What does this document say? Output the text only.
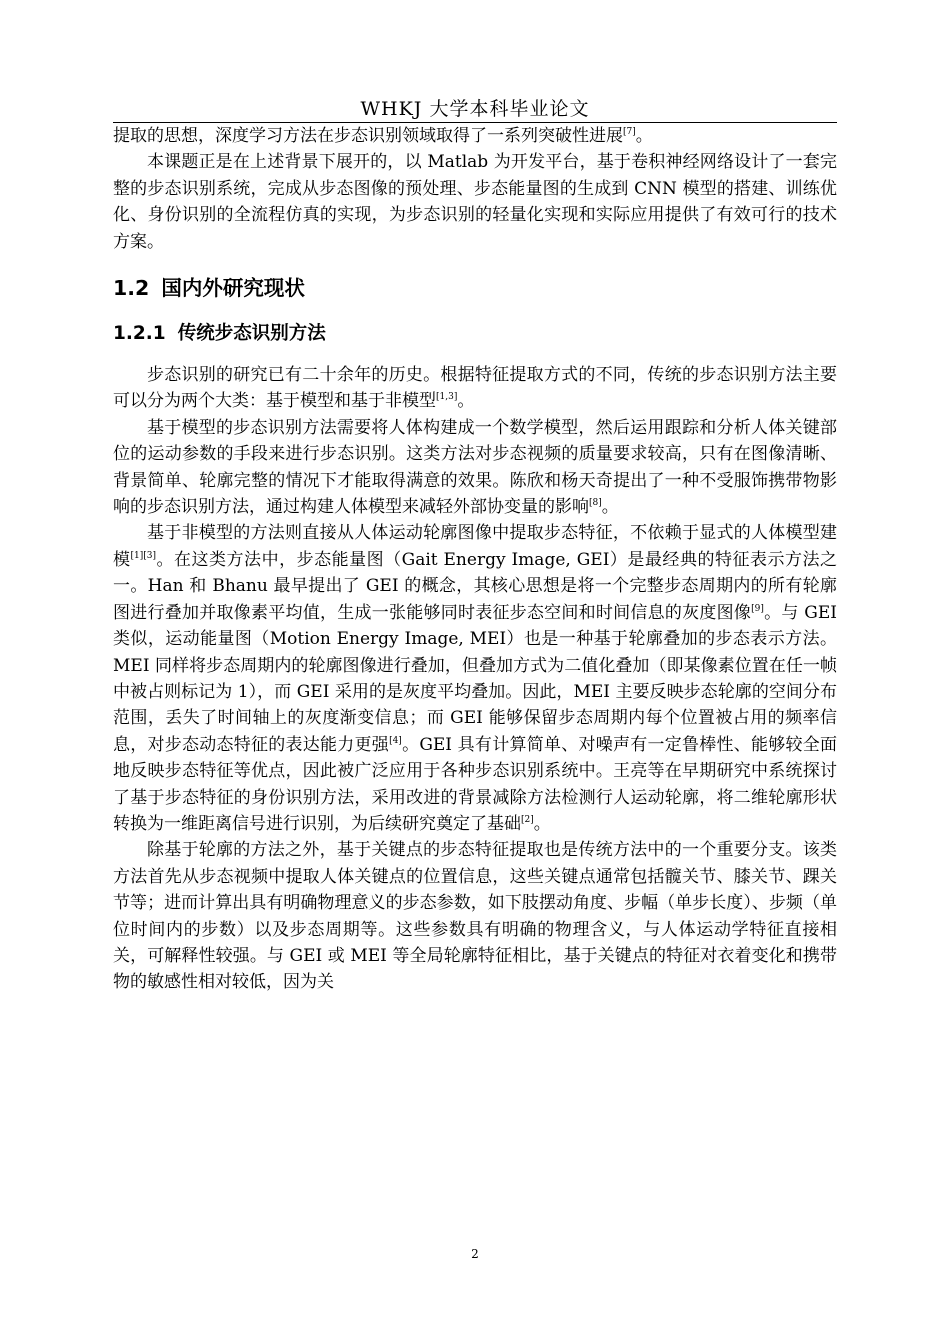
WHKJ 大学本科毕业论文

提取的思想，深度学习方法在步态识别领域取得了一系列突破性进展[7]。

本课题正是在上述背景下展开的，以 Matlab 为开发平台，基于卷积神经网络设计了一套完整的步态识别系统，完成从步态图像的预处理、步态能量图的生成到 CNN 模型的搭建、训练优化、身份识别的全流程仿真的实现，为步态识别的轻量化实现和实际应用提供了有效可行的技术方案。

1.2 国内外研究现状
1.2.1 传统步态识别方法

步态识别的研究已有二十余年的历史。根据特征提取方式的不同，传统的步态识别方法主要可以分为两个大类：基于模型和基于非模型[1,3]。

基于模型的步态识别方法需要将人体构建成一个数学模型，然后运用跟踪和分析人体关键部位的运动参数的手段来进行步态识别。这类方法对步态视频的质量要求较高，只有在图像清晰、背景简单、轮廓完整的情况下才能取得满意的效果。陈欣和杨天奇提出了一种不受服饰携带物影响的步态识别方法，通过构建人体模型来减轻外部协变量的影响[8]。

基于非模型的方法则直接从人体运动轮廓图像中提取步态特征，不依赖于显式的人体模型建模[1][3]。在这类方法中，步态能量图（Gait Energy Image, GEI）是最经典的特征表示方法之一。Han 和 Bhanu 最早提出了 GEI 的概念，其核心思想是将一个完整步态周期内的所有轮廓图进行叠加并取像素平均值，生成一张能够同时表征步态空间和时间信息的灰度图像[9]。与 GEI 类似，运动能量图（Motion Energy Image, MEI）也是一种基于轮廓叠加的步态表示方法。MEI 同样将步态周期内的轮廓图像进行叠加，但叠加方式为二值化叠加（即某像素位置在任一帧中被占则标记为 1），而 GEI 采用的是灰度平均叠加。因此，MEI 主要反映步态轮廓的空间分布范围，丢失了时间轴上的灰度渐变信息；而 GEI 能够保留步态周期内每个位置被占用的频率信息，对步态动态特征的表达能力更强[4]。GEI 具有计算简单、对噪声有一定鲁棒性、能够较全面地反映步态特征等优点，因此被广泛应用于各种步态识别系统中。王亮等在早期研究中系统探讨了基于步态特征的身份识别方法，采用改进的背景减除方法检测行人运动轮廓，将二维轮廓形状转换为一维距离信号进行识别，为后续研究奠定了基础[2]。

除基于轮廓的方法之外，基于关键点的步态特征提取也是传统方法中的一个重要分支。该类方法首先从步态视频中提取人体关键点的位置信息，这些关键点通常包括髋关节、膝关节、踝关节等；进而计算出具有明确物理意义的步态参数，如下肢摆动角度、步幅（单步长度）、步频（单位时间内的步数）以及步态周期等。这些参数具有明确的物理含义，与人体运动学特征直接相关，可解释性较强。与 GEI 或 MEI 等全局轮廓特征相比，基于关键点的特征对衣着变化和携带物的敏感性相对较低，因为关

2
